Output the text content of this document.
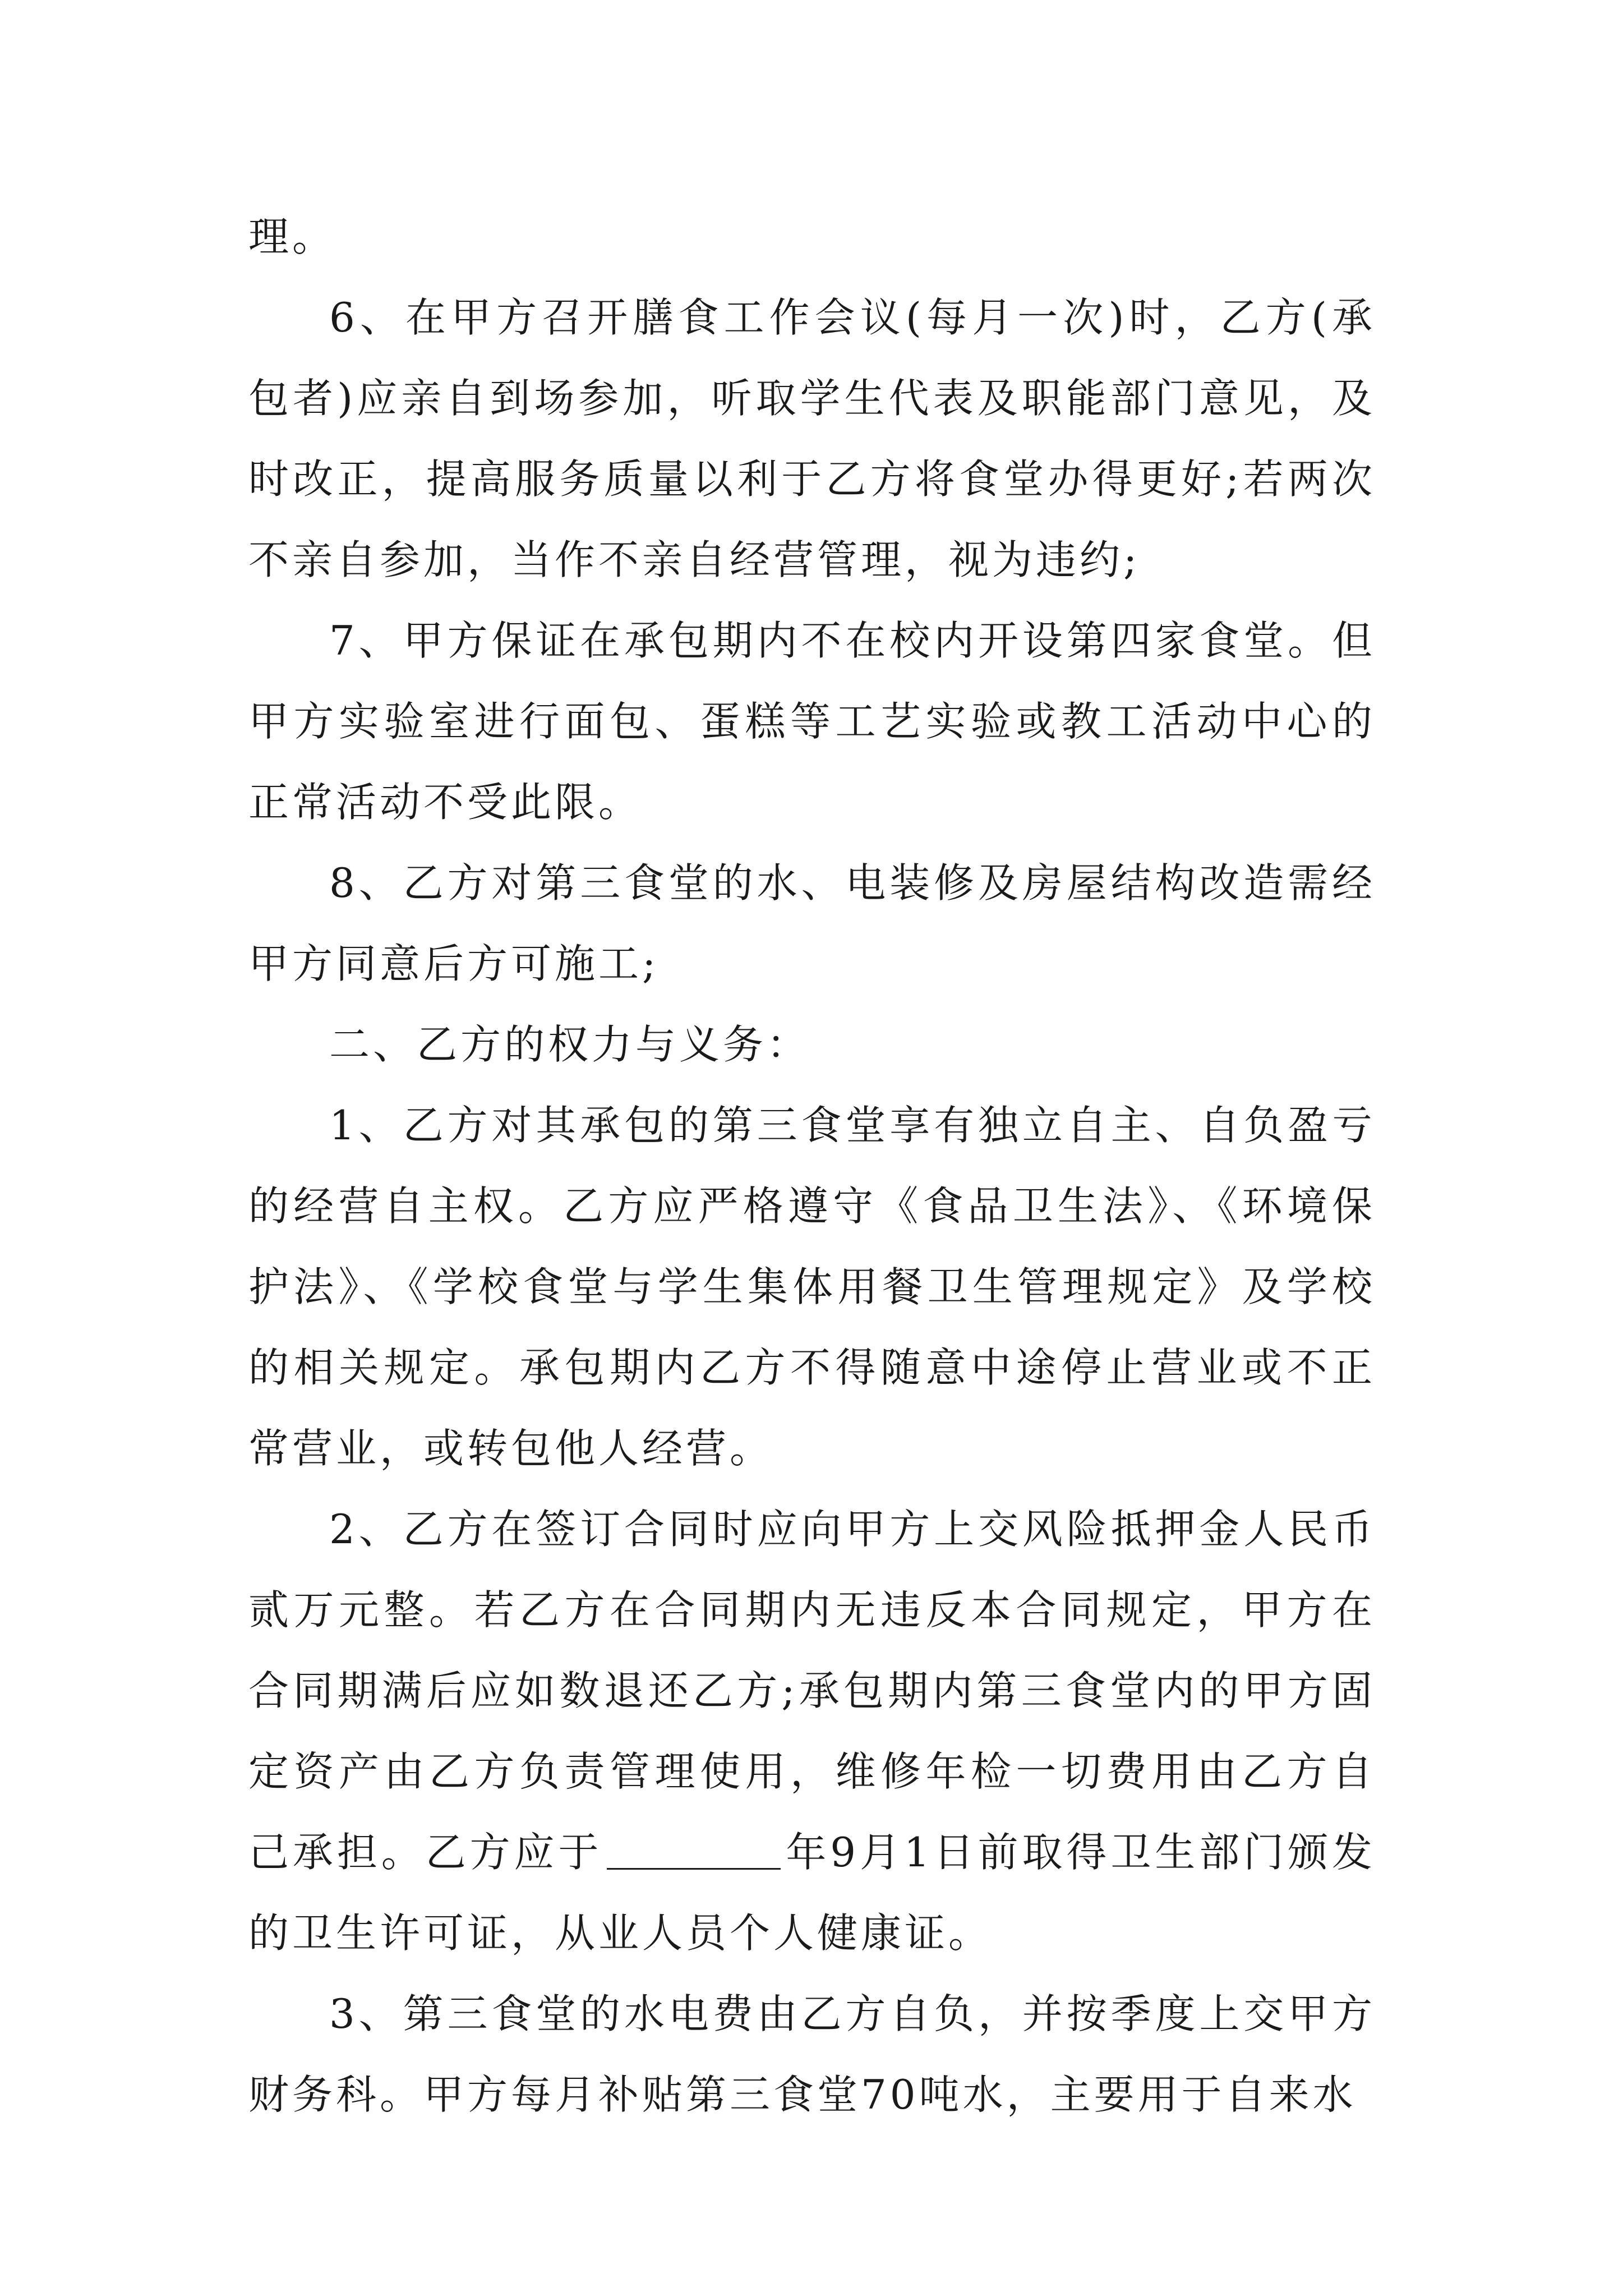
理。

6、在甲方召开膳食工作会议(每月一次)时，乙方(承包者)应亲自到场参加，听取学生代表及职能部门意见，及时改正，提高服务质量以利于乙方将食堂办得更好;若两次不亲自参加，当作不亲自经营管理，视为违约;

7、甲方保证在承包期内不在校内开设第四家食堂。但甲方实验室进行面包、蛋糕等工艺实验或教工活动中心的正常活动不受此限。

8、乙方对第三食堂的水、电装修及房屋结构改造需经甲方同意后方可施工;

二、乙方的权力与义务：

1、乙方对其承包的第三食堂享有独立自主、自负盈亏的经营自主权。乙方应严格遵守《食品卫生法》、《环境保护法》、《学校食堂与学生集体用餐卫生管理规定》及学校的相关规定。承包期内乙方不得随意中途停止营业或不正常营业，或转包他人经营。

2、乙方在签订合同时应向甲方上交风险抵押金人民币贰万元整。若乙方在合同期内无违反本合同规定，甲方在合同期满后应如数退还乙方;承包期内第三食堂内的甲方固定资产由乙方负责管理使用，维修年检一切费用由乙方自己承担。乙方应于	年9月1日前取得卫生部门颁发的卫生许可证，从业人员个人健康证。

3、第三食堂的水电费由乙方自负，并按季度上交甲方财务科。甲方每月补贴第三食堂70吨水，主要用于自来水
